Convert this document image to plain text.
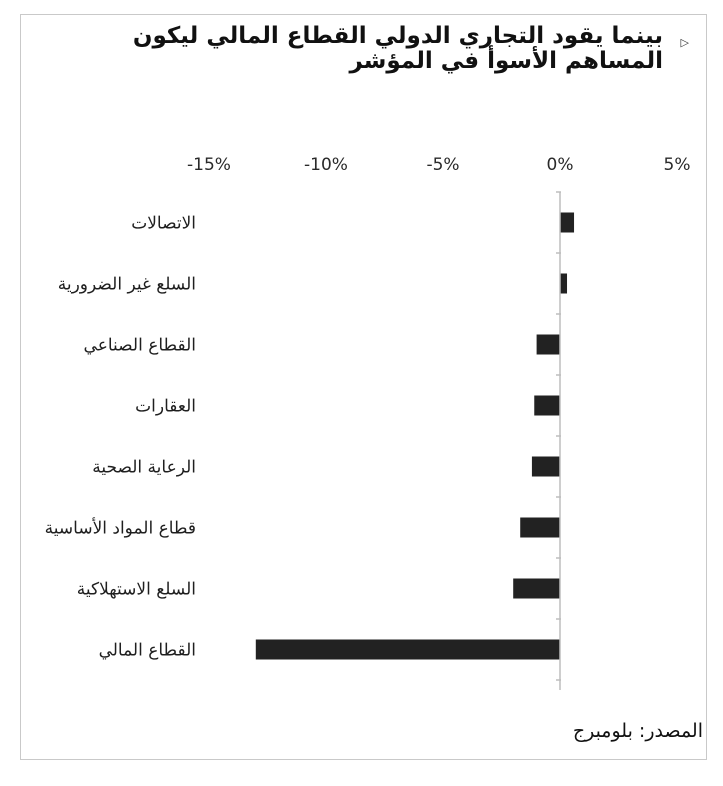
▷
بينما يقود التجاري الدولي القطاع المالي ليكون المساهم الأسوأ في المؤشر
-15%	-10%	-5%	0%	5%
الاتصالات
السلع غير الضرورية
القطاع الصناعي
العقارات
الرعاية الصحية
قطاع المواد الأساسية
السلع الاستهلاكية
القطاع المالي
المصدر: بلومبرج
